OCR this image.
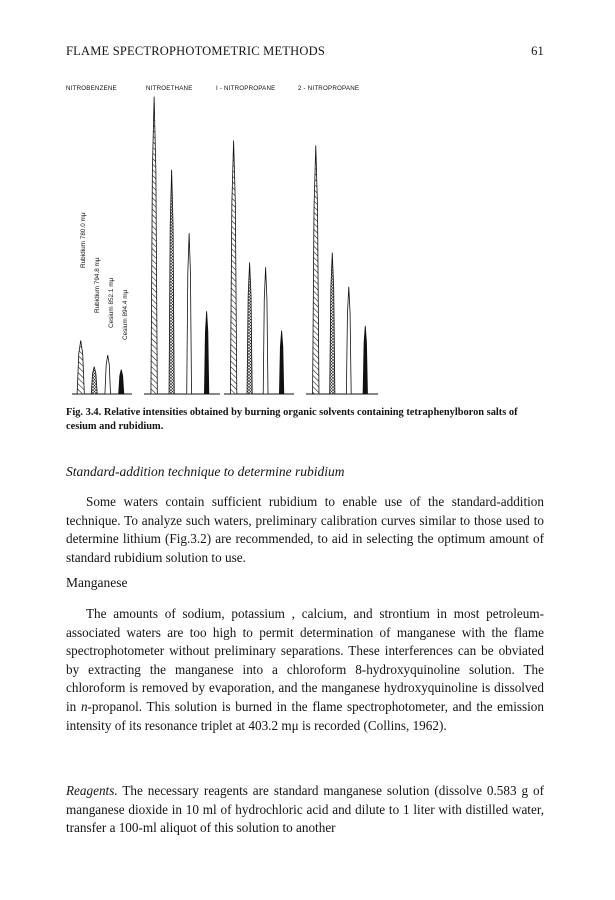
FLAME SPECTROPHOTOMETRIC METHODS	61
NITROBENZENE	NITROETHANE	I - NITROPROPANE	2 - NITROPROPANE
Rubidium 780.0 mμ
Rubidium 794.8 mμ Cesium 852.1 mμ Cesium 894.4 mμ
Fig. 3.4. Relative intensities obtained by burning organic solvents containing tetraphenylboron salts of cesium and rubidium.
Standard-addition technique to determine rubidium

Some waters contain sufficient rubidium to enable use of the standard-addition technique. To analyze such waters, preliminary calibration curves similar to those used to determine lithium (Fig.3.2) are recommended, to aid in selecting the optimum amount of standard rubidium solution to use.

Manganese

The amounts of sodium, potassium , calcium, and strontium in most petroleum-associated waters are too high to permit determination of manganese with the flame spectrophotometer without preliminary separations. These interferences can be obviated by extracting the manganese into a chloroform 8-hydroxyquinoline solution. The chloroform is removed by evaporation, and the manganese hydroxyquinoline is dissolved in n-propanol. This solution is burned in the flame spectrophotometer, and the emission intensity of its resonance triplet at 403.2 mμ is recorded (Collins, 1962).

Reagents. The necessary reagents are standard manganese solution (dissolve 0.583 g of manganese dioxide in 10 ml of hydrochloric acid and dilute to 1 liter with distilled water, transfer a 100-ml aliquot of this solution to another
